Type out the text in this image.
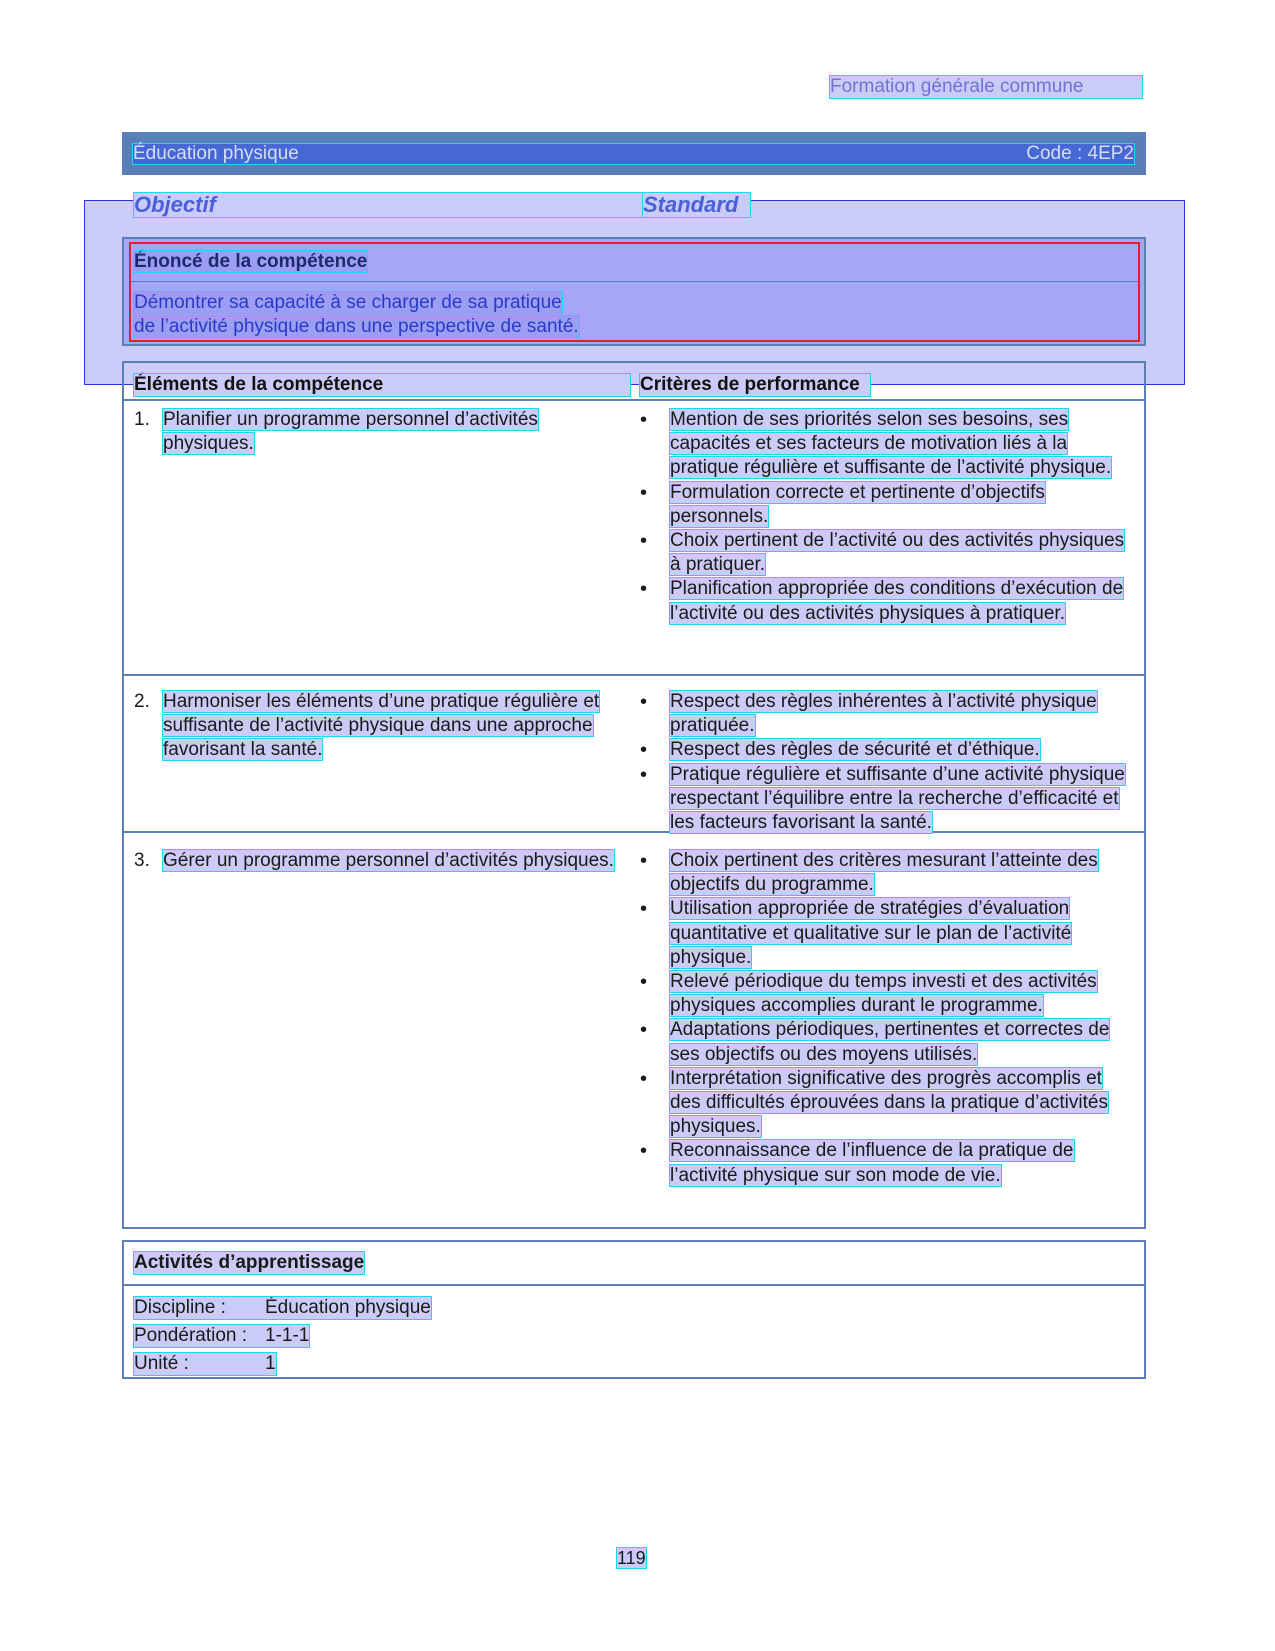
Formation générale commune
Éducation physique	Code : 4EP2
Objectif	Standard
Énoncé de la compétence
Démontrer sa capacité à se charger de sa pratique
de l’activité physique dans une perspective de santé.
Éléments de la compétence	Critères de performance
1. Planifier un programme personnel d’activités physiques.
•	Mention de ses priorités selon ses besoins, ses capacités et ses facteurs de motivation liés à la pratique régulière et suffisante de l’activité physique.
•	Formulation correcte et pertinente d’objectifs personnels.
•	Choix pertinent de l’activité ou des activités physiques à pratiquer.
•	Planification appropriée des conditions d’exécution de l’activité ou des activités physiques à pratiquer.
2. Harmoniser les éléments d’une pratique régulière et suffisante de l’activité physique dans une approche favorisant la santé.
•	Respect des règles inhérentes à l’activité physique pratiquée.
•	Respect des règles de sécurité et d’éthique.
•	Pratique régulière et suffisante d’une activité physique respectant l’équilibre entre la recherche d’efficacité et les facteurs favorisant la santé.
3. Gérer un programme personnel d’activités physiques.	•	Choix pertinent des critères mesurant l’atteinte des objectifs du programme.
•	Utilisation appropriée de stratégies d’évaluation quantitative et qualitative sur le plan de l’activité physique.
•	Relevé périodique du temps investi et des activités physiques accomplies durant le programme.
•	Adaptations périodiques, pertinentes et correctes de ses objectifs ou des moyens utilisés.
•	Interprétation significative des progrès accomplis et des difficultés éprouvées dans la pratique d’activités physiques.
•	Reconnaissance de l’influence de la pratique de l’activité physique sur son mode de vie.
Activités d’apprentissage
Discipline : Éducation physique
Pondération : 1-1-1
Unité :	1
119
